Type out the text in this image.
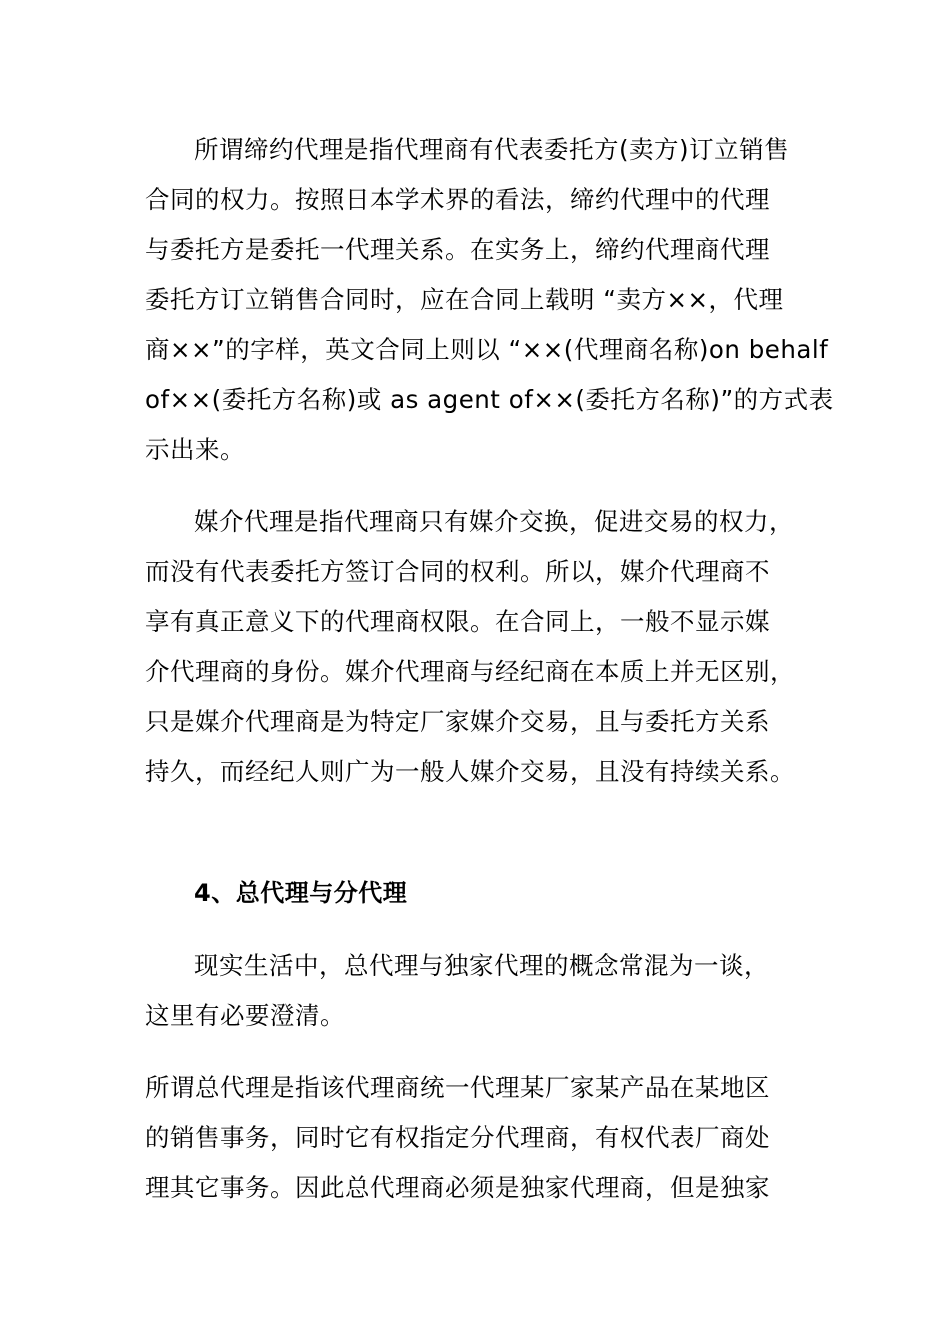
所谓缔约代理是指代理商有代表委托方(卖方)订立销售
合同的权力。按照日本学术界的看法，缔约代理中的代理
与委托方是委托一代理关系。在实务上，缔约代理商代理
委托方订立销售合同时，应在合同上载明 “卖方××，代理
商××”的字样，英文合同上则以 “××(代理商名称)on behalf
of××(委托方名称)或 as agent of××(委托方名称)”的方式表
示出来。
媒介代理是指代理商只有媒介交换，促进交易的权力，
而没有代表委托方签订合同的权利。所以，媒介代理商不
享有真正意义下的代理商权限。在合同上，一般不显示媒
介代理商的身份。媒介代理商与经纪商在本质上并无区别，
只是媒介代理商是为特定厂家媒介交易，且与委托方关系
持久，而经纪人则广为一般人媒介交易，且没有持续关系。
4、总代理与分代理
现实生活中，总代理与独家代理的概念常混为一谈，
这里有必要澄清。
所谓总代理是指该代理商统一代理某厂家某产品在某地区
的销售事务，同时它有权指定分代理商，有权代表厂商处
理其它事务。因此总代理商必须是独家代理商，但是独家
